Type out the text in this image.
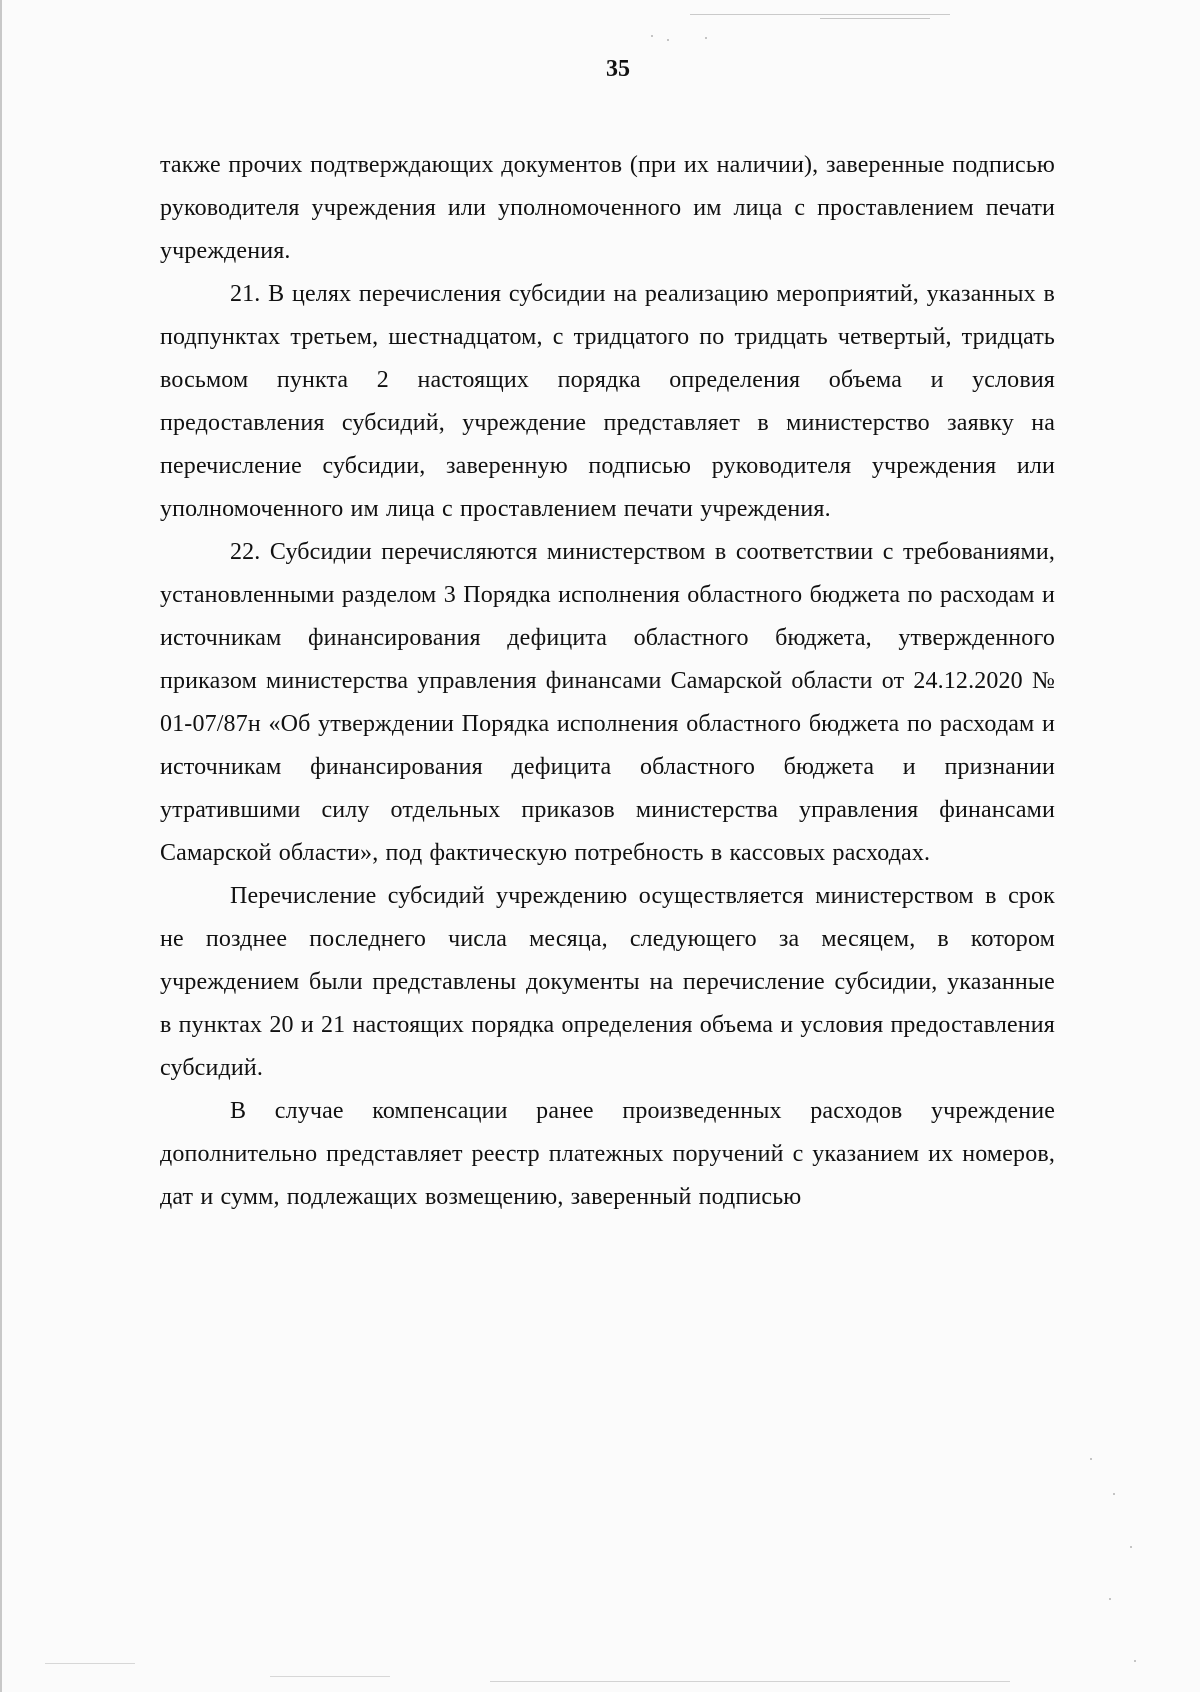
35

также прочих подтверждающих документов (при их наличии), заверенные подписью руководителя учреждения или уполномоченного им лица с проставлением печати учреждения.

21. В целях перечисления субсидии на реализацию мероприятий, указанных в подпунктах третьем, шестнадцатом, с тридцатого по тридцать четвертый, тридцать восьмом пункта 2 настоящих порядка определения объема и условия предоставления субсидий, учреждение представляет в министерство заявку на перечисление субсидии, заверенную подписью руководителя учреждения или уполномоченного им лица с проставлением печати учреждения.

22. Субсидии перечисляются министерством в соответствии с требованиями, установленными разделом 3 Порядка исполнения областного бюджета по расходам и источникам финансирования дефицита областного бюджета, утвержденного приказом министерства управления финансами Самарской области от 24.12.2020 № 01-07/87н «Об утверждении Порядка исполнения областного бюджета по расходам и источникам финансирования дефицита областного бюджета и признании утратившими силу отдельных приказов министерства управления финансами Самарской области», под фактическую потребность в кассовых расходах.

Перечисление субсидий учреждению осуществляется министерством в срок не позднее последнего числа месяца, следующего за месяцем, в котором учреждением были представлены документы на перечисление субсидии, указанные в пунктах 20 и 21 настоящих порядка определения объема и условия предоставления субсидий.

В случае компенсации ранее произведенных расходов учреждение дополнительно представляет реестр платежных поручений с указанием их номеров, дат и сумм, подлежащих возмещению, заверенный подписью
